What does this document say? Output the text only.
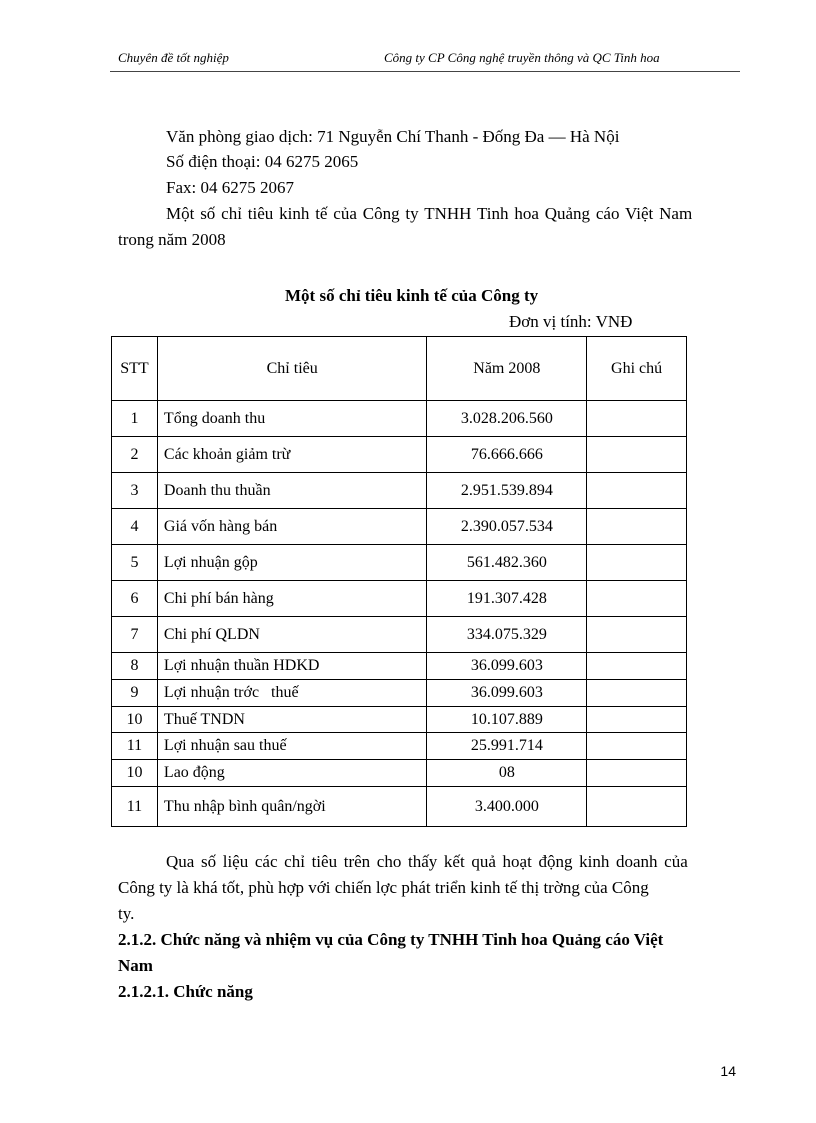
Chuyên đề tốt nghiệp	Công ty CP Công nghệ truyền thông và QC Tinh hoa
Văn phòng giao dịch: 71 Nguyễn Chí Thanh - Đống Đa — Hà Nội
Số điện thoại: 04 6275 2065
Fax: 04 6275 2067
Một số chỉ tiêu kinh tế của Công ty TNHH Tinh hoa Quảng cáo Việt Nam
trong năm 2008
Một số chỉ tiêu kinh tế của Công ty
Đơn vị tính: VNĐ
STT	Chỉ tiêu	Năm 2008	Ghi chú
1	Tổng doanh thu	3.028.206.560	
2	Các khoản giảm trừ	76.666.666	
3	Doanh thu thuần	2.951.539.894	
4	Giá vốn hàng bán	2.390.057.534	
5	Lợi nhuận gộp	561.482.360	
6	Chi phí bán hàng	191.307.428	
7	Chi phí QLDN	334.075.329	
8	Lợi nhuận thuần HDKD	36.099.603	
9	Lợi nhuận trớc   thuế	36.099.603	
10	Thuế TNDN	10.107.889	
11	Lợi nhuận sau thuế	25.991.714	
10	Lao động	08	
11	Thu nhập bình quân/ngời	3.400.000	
Qua số liệu các chỉ tiêu trên cho thấy kết quả hoạt động kinh doanh của
Công ty là khá tốt, phù hợp với chiến lợc phát triển kinh tế thị trờng của Công
ty.
2.1.2. Chức năng và nhiệm vụ của Công ty TNHH Tinh hoa Quảng cáo Việt
Nam
2.1.2.1. Chức năng
14
